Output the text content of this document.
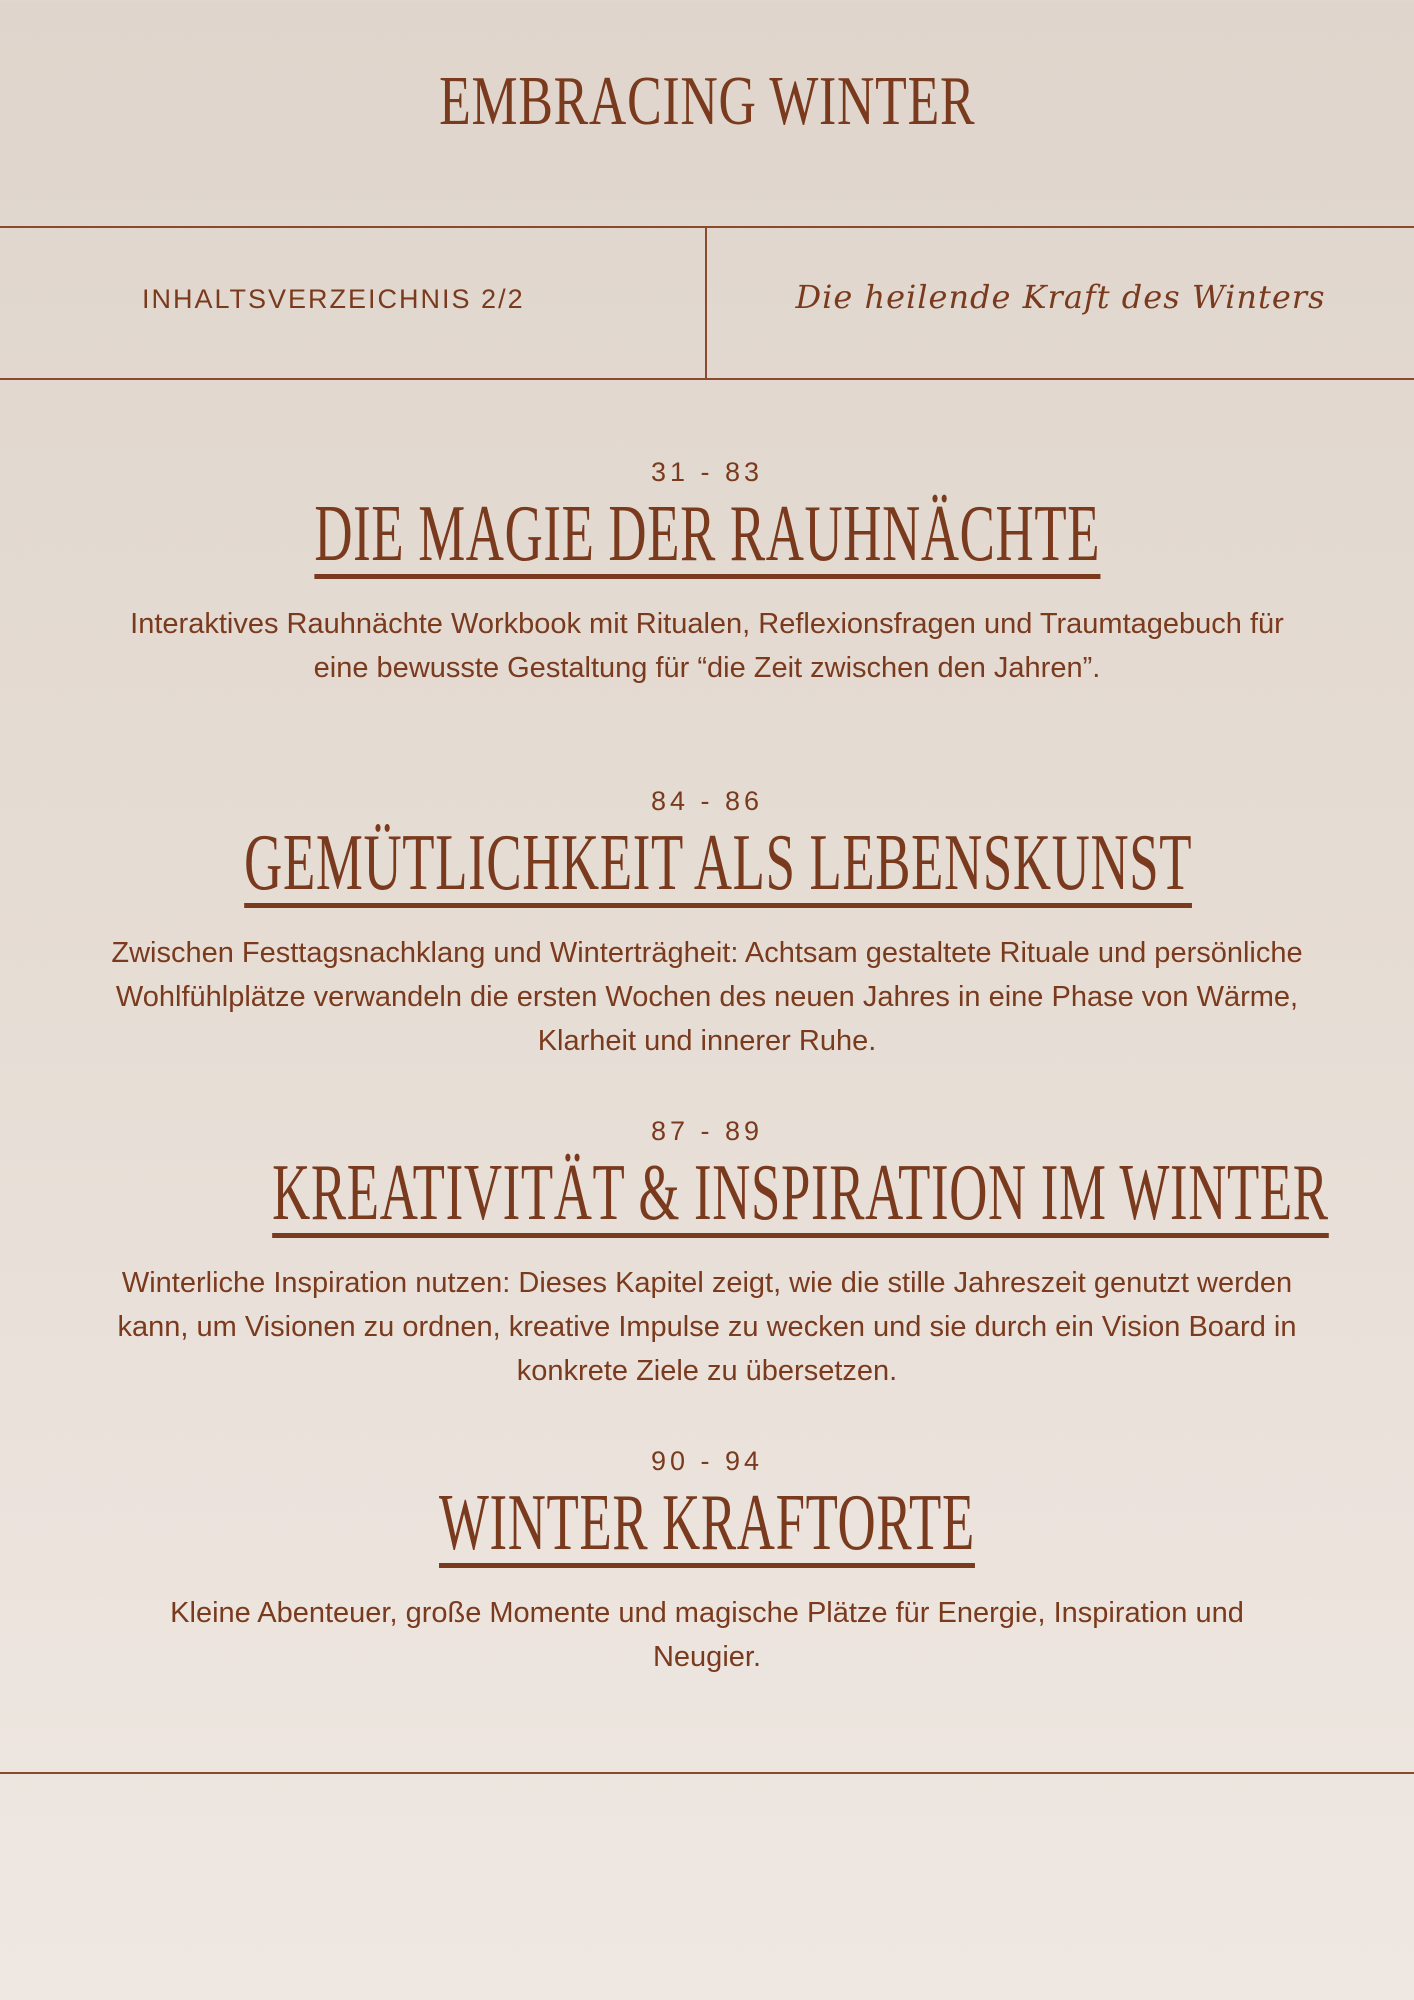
EMBRACING WINTER
INHALTSVERZEICHNIS 2/2	Die heilende Kraft des Winters
31 - 83
DIE MAGIE DER RAUHNÄCHTE
Interaktives Rauhnächte Workbook mit Ritualen, Reflexionsfragen und Traumtagebuch für eine bewusste Gestaltung für “die Zeit zwischen den Jahren”.
84 - 86
GEMÜTLICHKEIT ALS LEBENSKUNST
Zwischen Festtagsnachklang und Winterträgheit: Achtsam gestaltete Rituale und persönliche Wohlfühlplätze verwandeln die ersten Wochen des neuen Jahres in eine Phase von Wärme, Klarheit und innerer Ruhe.
87 - 89
KREATIVITÄT & INSPIRATION IM WINTER
Winterliche Inspiration nutzen: Dieses Kapitel zeigt, wie die stille Jahreszeit genutzt werden kann, um Visionen zu ordnen, kreative Impulse zu wecken und sie durch ein Vision Board in konkrete Ziele zu übersetzen.
90 - 94
WINTER KRAFTORTE
Kleine Abenteuer, große Momente und magische Plätze für Energie, Inspiration und Neugier.
